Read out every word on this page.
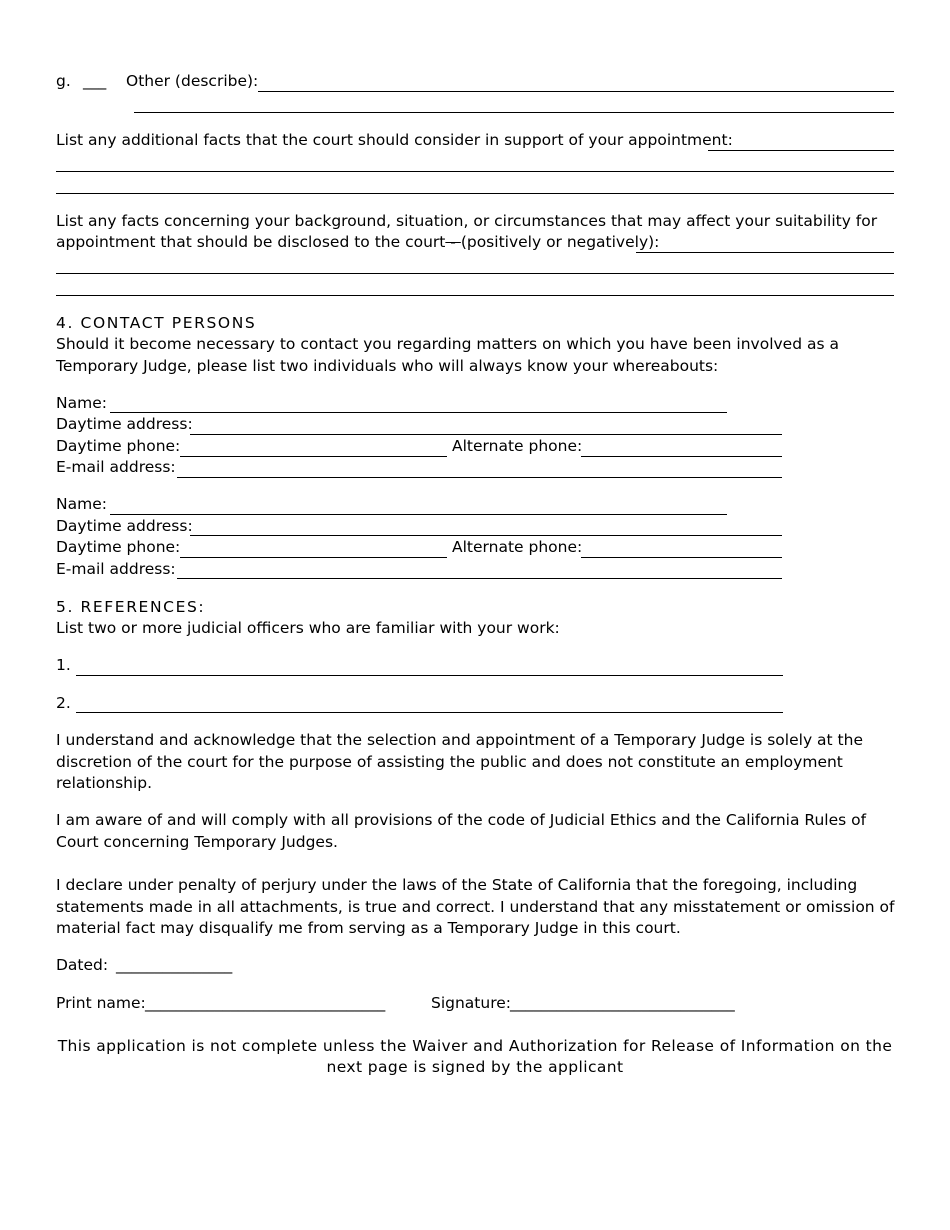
g. ___ Other (describe):
List any additional facts that the court should consider in support of your appointment:
List any facts concerning your background, situation, or circumstances that may affect your suitability for
appointment that should be disclosed to the court - (positively or negatively):
4. CONTACT PERSONS
Should it become necessary to contact you regarding matters on which you have been involved as a Temporary Judge, please list two individuals who will always know your whereabouts:
Name:
Daytime address:
Daytime phone:	Alternate phone:
E-mail address:
Name:
Daytime address:
Daytime phone:	Alternate phone:
E-mail address:
5. REFERENCES:
List two or more judicial officers who are familiar with your work:
1.
2.
I understand and acknowledge that the selection and appointment of a Temporary Judge is solely at the discretion of the court for the purpose of assisting the public and does not constitute an employment relationship.
I am aware of and will comply with all provisions of the code of Judicial Ethics and the California Rules of Court concerning Temporary Judges.
I declare under penalty of perjury under the laws of the State of California that the foregoing, including statements made in all attachments, is true and correct. I understand that any misstatement or omission of material fact may disqualify me from serving as a Temporary Judge in this court.
Dated: _______________
Print name: _______________________________	Signature: _____________________________
This application is not complete unless the Waiver and Authorization for Release of Information on the
next page is signed by the applicant
